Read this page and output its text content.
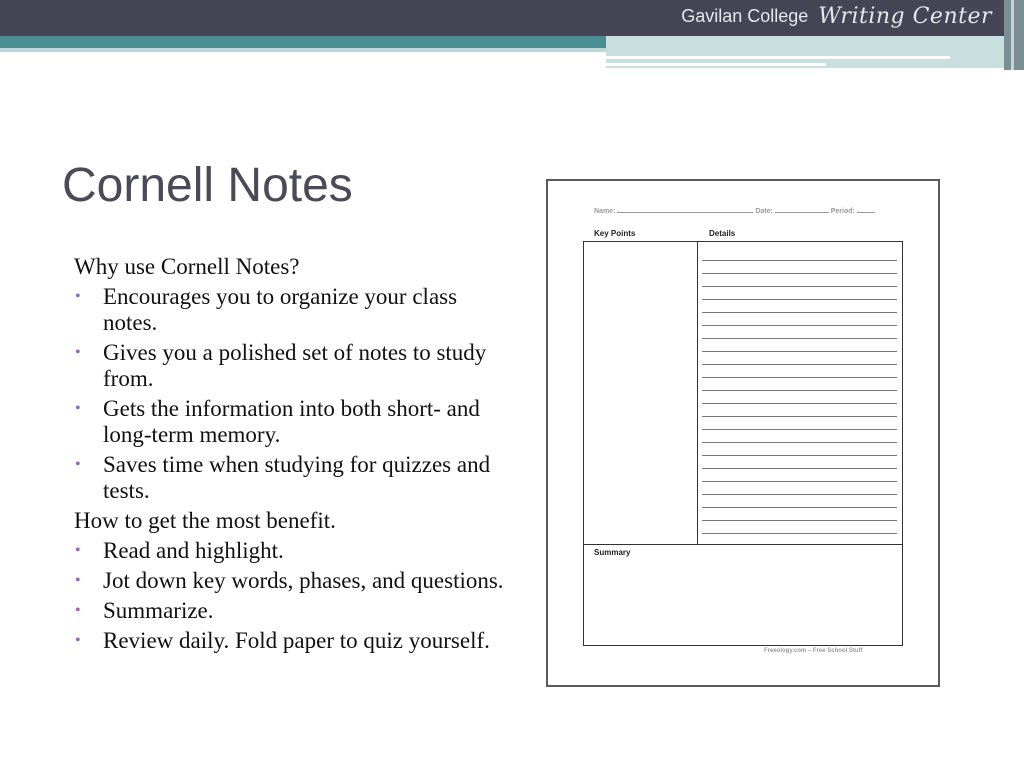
Gavilan College Writing Center
Cornell Notes

Why use Cornell Notes?

• Encourages you to organize your class notes.
• Gives you a polished set of notes to study from.
• Gets the information into both short- and long-term memory.
• Saves time when studying for quizzes and tests.

How to get the most benefit.

• Read and highlight.
• Jot down key words, phases, and questions.
• Summarize.
• Review daily. Fold paper to quiz yourself.
Name:	Date:	Period:
Key Points	Details
Summary
Freeology.com – Free School Stuff
